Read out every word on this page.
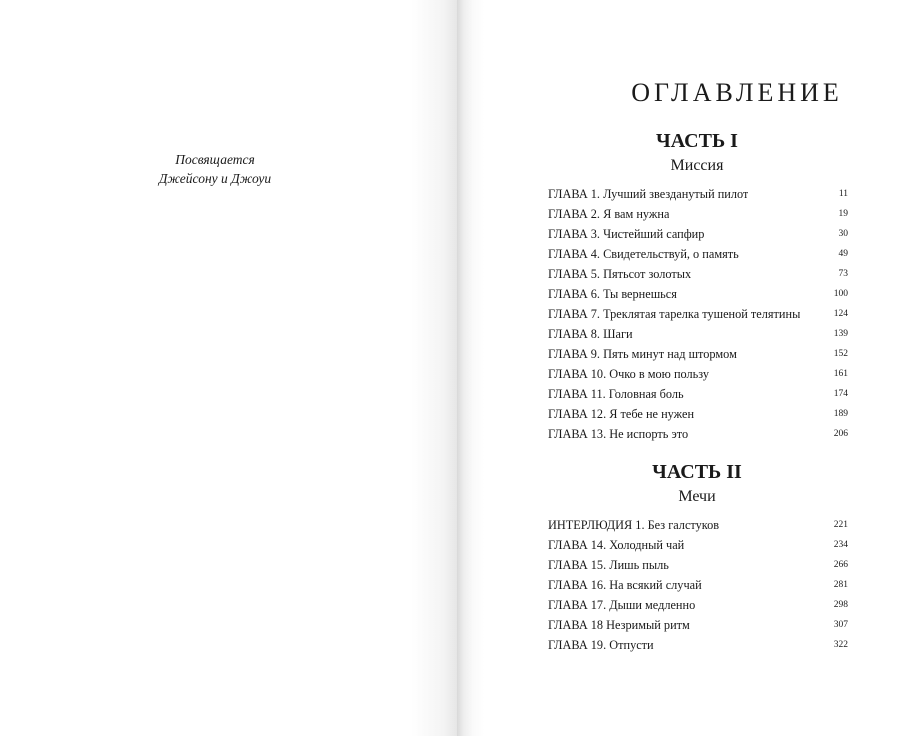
Посвящается
Джейсону и Джоуи
ОГЛАВЛЕНИЕ
ЧАСТЬ I
Миссия
ГЛАВА 1. Лучший звезданутый пилот	11
ГЛАВА 2. Я вам нужна	19
ГЛАВА 3. Чистейший сапфир	30
ГЛАВА 4. Свидетельствуй, о память	49
ГЛАВА 5. Пятьсот золотых	73
ГЛАВА 6. Ты вернешься	100
ГЛАВА 7. Треклятая тарелка тушеной телятины	124
ГЛАВА 8. Шаги	139
ГЛАВА 9. Пять минут над штормом	152
ГЛАВА 10. Очко в мою пользу	161
ГЛАВА 11. Головная боль	174
ГЛАВА 12. Я тебе не нужен	189
ГЛАВА 13. Не испорть это	206
ЧАСТЬ II
Мечи
ИНТЕРЛЮДИЯ 1. Без галстуков	221
ГЛАВА 14. Холодный чай	234
ГЛАВА 15. Лишь пыль	266
ГЛАВА 16. На всякий случай	281
ГЛАВА 17. Дыши медленно	298
ГЛАВА 18 Незримый ритм	307
ГЛАВА 19. Отпусти	322
